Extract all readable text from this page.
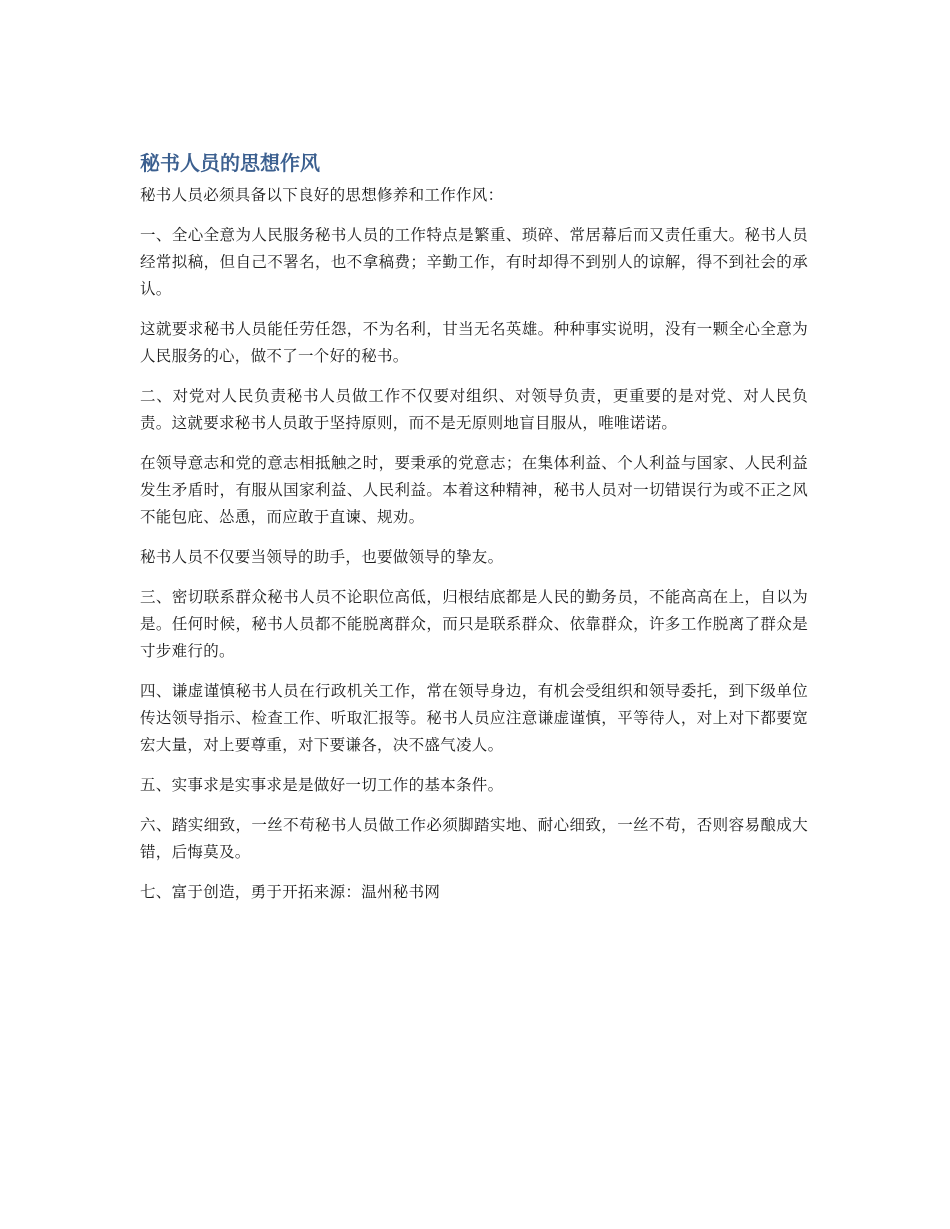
秘书人员的思想作风

秘书人员必须具备以下良好的思想修养和工作作风：

一、全心全意为人民服务秘书人员的工作特点是繁重、琐碎、常居幕后而又责任重大。秘书人员经常拟稿，但自己不署名，也不拿稿费；辛勤工作，有时却得不到别人的谅解，得不到社会的承认。

这就要求秘书人员能任劳任怨，不为名利，甘当无名英雄。种种事实说明，没有一颗全心全意为人民服务的心，做不了一个好的秘书。

二、对党对人民负责秘书人员做工作不仅要对组织、对领导负责，更重要的是对党、对人民负责。这就要求秘书人员敢于坚持原则，而不是无原则地盲目服从，唯唯诺诺。

在领导意志和党的意志相抵触之时，要秉承的党意志；在集体利益、个人利益与国家、人民利益发生矛盾时，有服从国家利益、人民利益。本着这种精神，秘书人员对一切错误行为或不正之风不能包庇、怂恿，而应敢于直谏、规劝。

秘书人员不仅要当领导的助手，也要做领导的挚友。

三、密切联系群众秘书人员不论职位高低，归根结底都是人民的勤务员，不能高高在上，自以为是。任何时候，秘书人员都不能脱离群众，而只是联系群众、依靠群众，许多工作脱离了群众是寸步难行的。

四、谦虚谨慎秘书人员在行政机关工作，常在领导身边，有机会受组织和领导委托，到下级单位传达领导指示、检查工作、听取汇报等。秘书人员应注意谦虚谨慎，平等待人，对上对下都要宽宏大量，对上要尊重，对下要谦各，决不盛气凌人。

五、实事求是实事求是是做好一切工作的基本条件。

六、踏实细致，一丝不苟秘书人员做工作必须脚踏实地、耐心细致，一丝不苟，否则容易酿成大错，后悔莫及。

七、富于创造，勇于开拓来源：温州秘书网
